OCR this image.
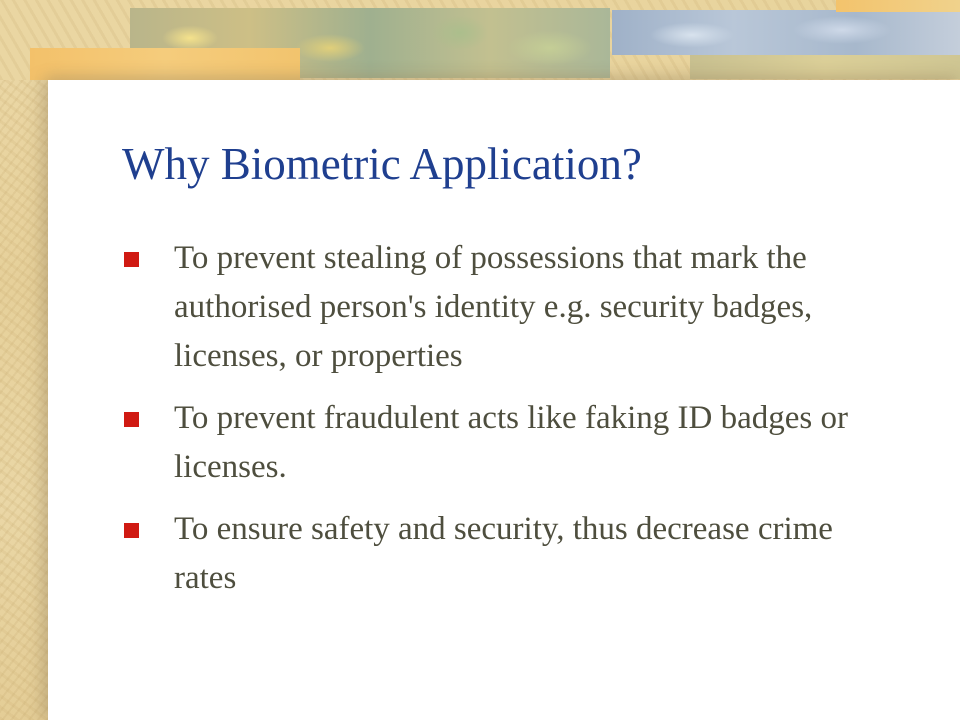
Why Biometric Application?
To prevent stealing of possessions that mark the authorised person's identity e.g. security badges, licenses, or properties
To prevent fraudulent acts like faking ID badges or licenses.
To ensure safety and security, thus decrease crime rates
